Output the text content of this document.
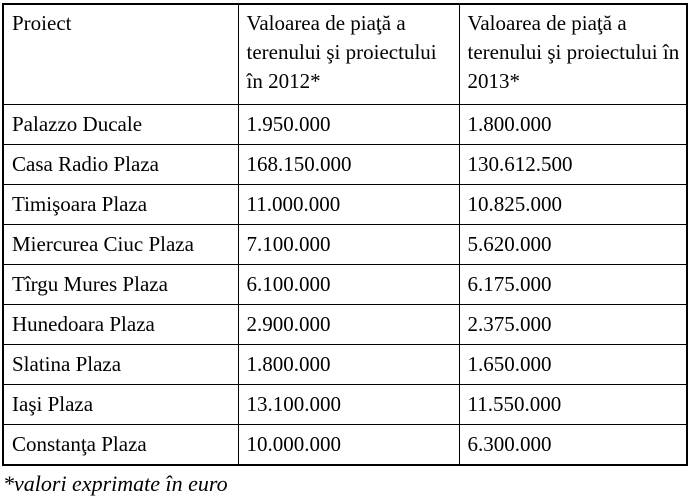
Proiect	Valoarea de piaţă a terenului şi proiectului în 2012*	Valoarea de piaţă a terenului şi proiectului în 2013*
Palazzo Ducale	1.950.000	1.800.000
Casa Radio Plaza	168.150.000	130.612.500
Timişoara Plaza	11.000.000	10.825.000
Miercurea Ciuc Plaza	7.100.000	5.620.000
Tîrgu Mures Plaza	6.100.000	6.175.000
Hunedoara Plaza	2.900.000	2.375.000
Slatina Plaza	1.800.000	1.650.000
Iaşi Plaza	13.100.000	11.550.000
Constanţa Plaza	10.000.000	6.300.000
*valori exprimate în euro
